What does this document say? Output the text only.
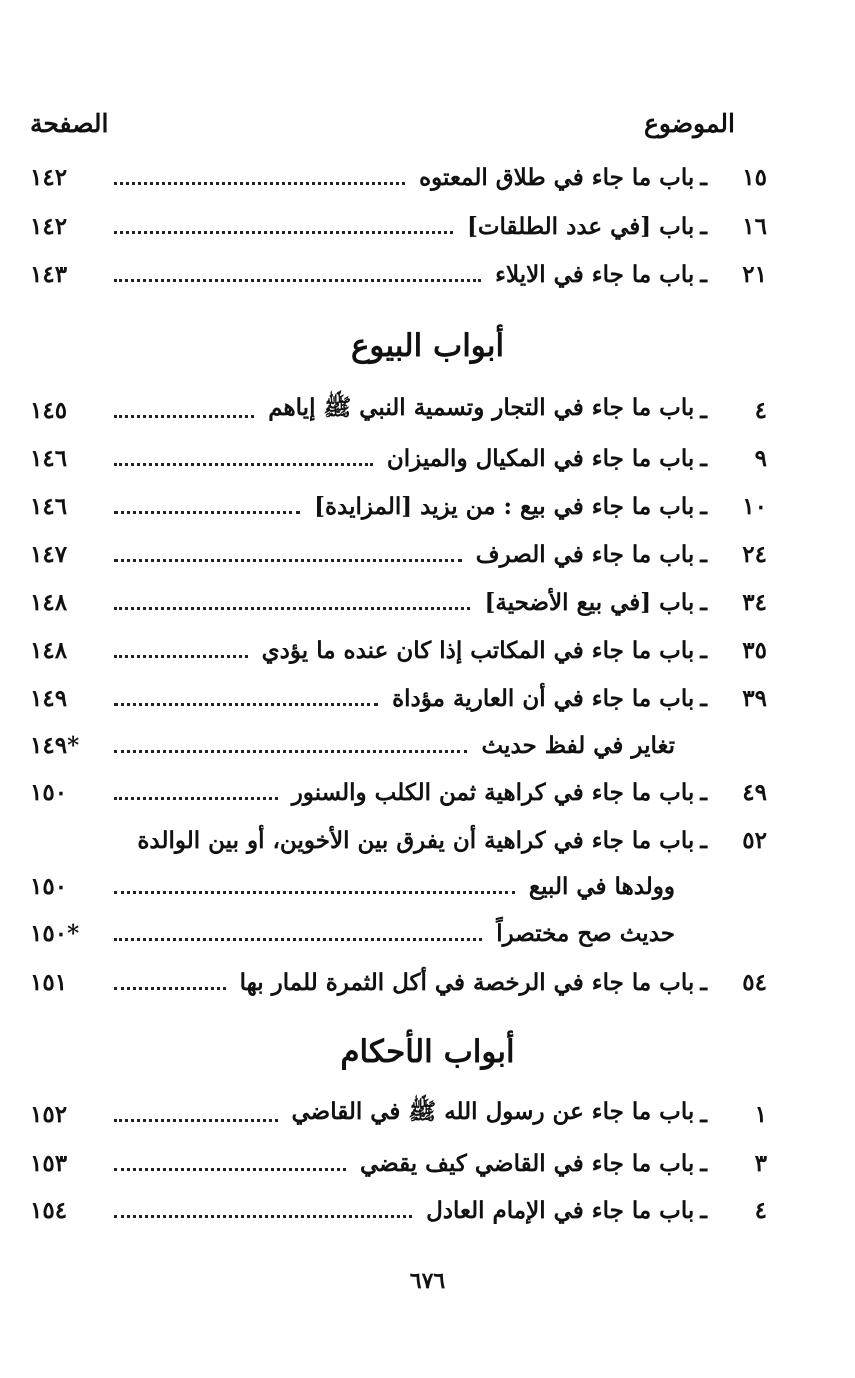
الموضوع
الصفحة
١٥
ـ
باب ما جاء في طلاق المعتوه
١٤٢
١٦
ـ
باب [في عدد الطلقات]
١٤٢
٢١
ـ
باب ما جاء في الايلاء
١٤٣
أبواب البيوع
٤
ـ
باب ما جاء في التجار وتسمية النبي ﷺ إياهم
١٤٥
٩
ـ
باب ما جاء في المكيال والميزان
١٤٦
١٠
ـ
باب ما جاء في بيع : من يزيد [المزايدة]
١٤٦
٢٤
ـ
باب ما جاء في الصرف
١٤٧
٣٤
ـ
باب [في بيع الأضحية]
١٤٨
٣٥
ـ
باب ما جاء في المكاتب إذا كان عنده ما يؤدي
١٤٨
٣٩
ـ
باب ما جاء في أن العارية مؤداة
١٤٩
تغاير في لفظ حديث
*١٤٩
٤٩
ـ
باب ما جاء في كراهية ثمن الكلب والسنور
١٥٠
٥٢
ـ
باب ما جاء في كراهية أن يفرق بين الأخوين، أو بين الوالدة
وولدها في البيع
١٥٠
حديث صح مختصراً
*١٥٠
٥٤
ـ
باب ما جاء في الرخصة في أكل الثمرة للمار بها
١٥١
أبواب الأحكام
١
ـ
باب ما جاء عن رسول الله ﷺ في القاضي
١٥٢
٣
ـ
باب ما جاء في القاضي كيف يقضي
١٥٣
٤
ـ
باب ما جاء في الإمام العادل
١٥٤
٦٧٦
